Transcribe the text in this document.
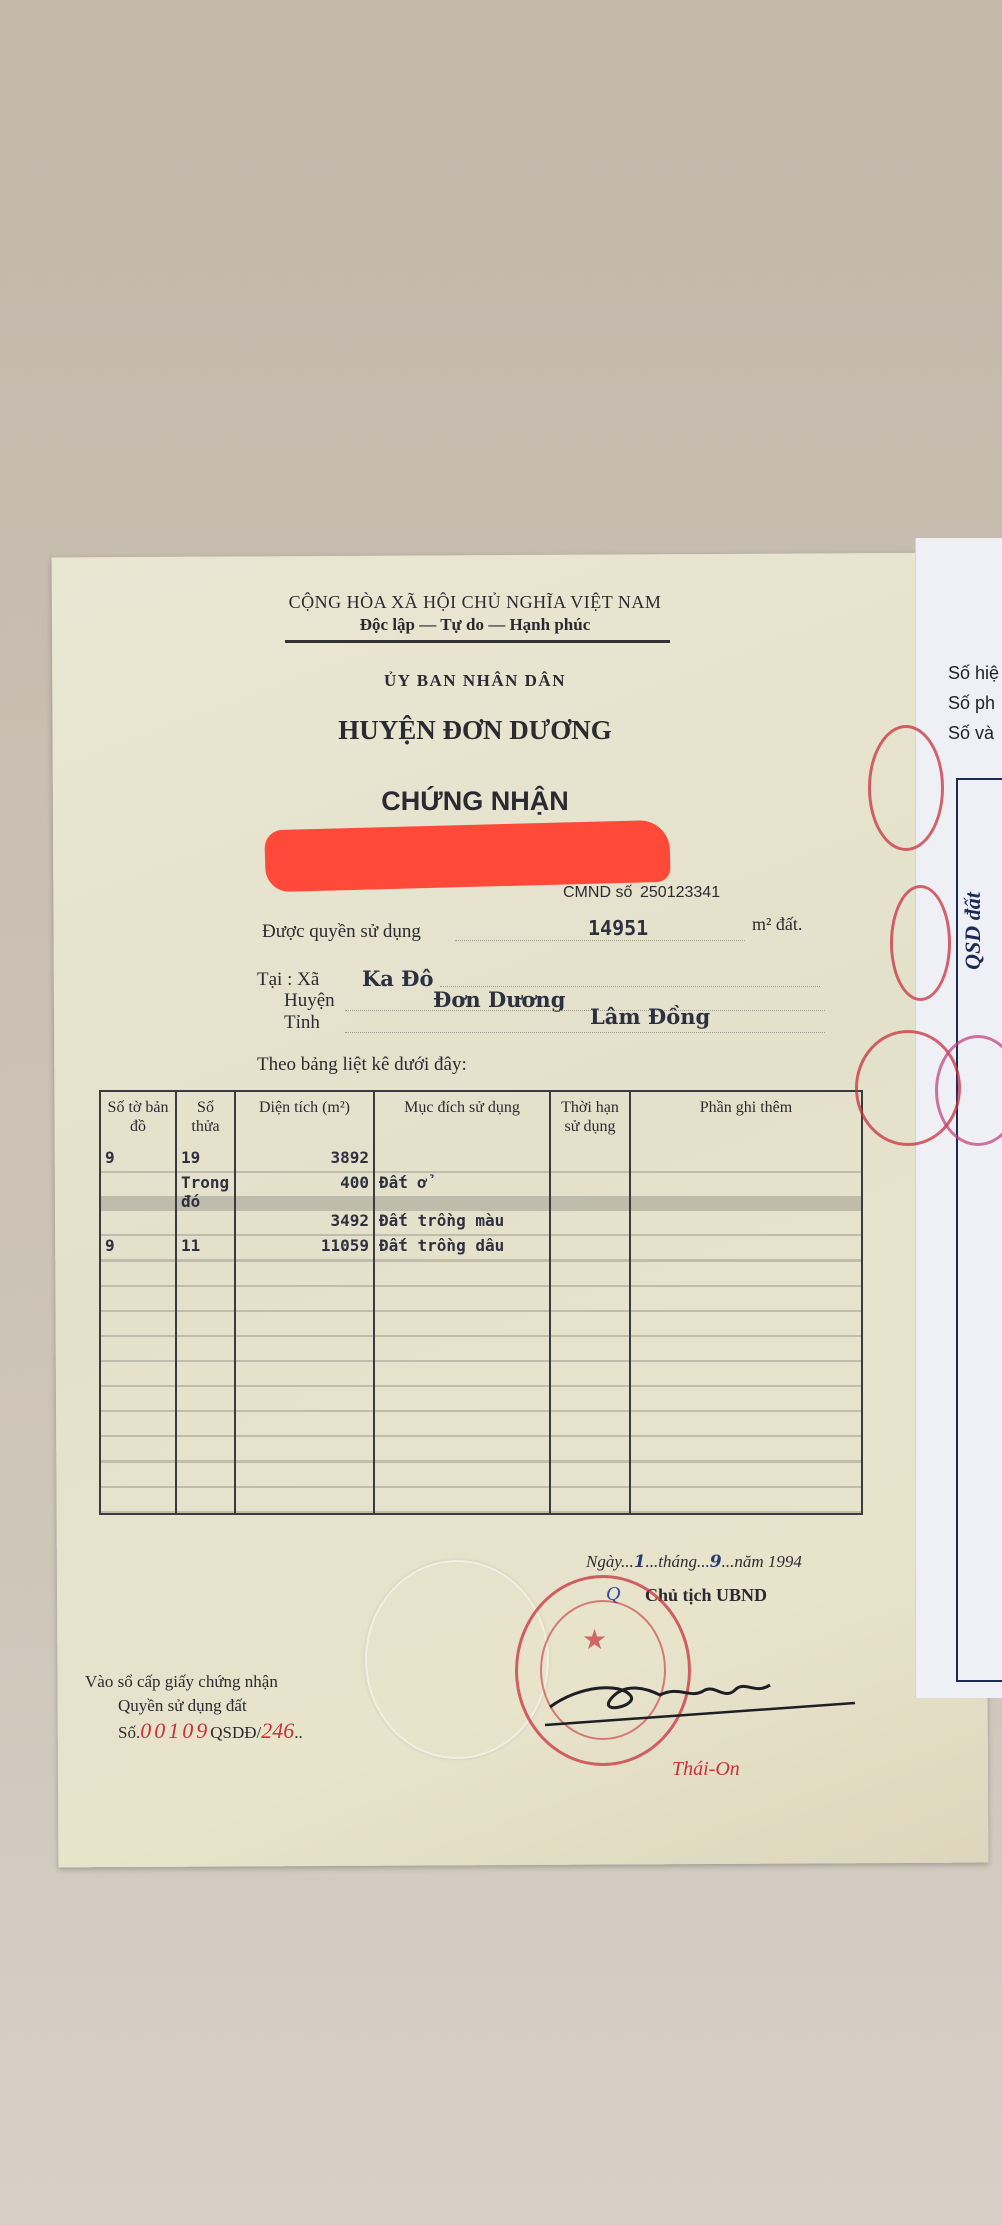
Số hiệ
Số ph
Số và
QSD đất
CỘNG HÒA XÃ HỘI CHỦ NGHĨA VIỆT NAM
Độc lập — Tự do — Hạnh phúc
ỦY BAN NHÂN DÂN
HUYỆN ĐƠN DƯƠNG
CHỨNG NHẬN
CMND số 250123341
Được quyền sử dụng	14951	m² đất.
Tại : Xã Ka Đô
Huyện	Đơn Dương
Tỉnh	Lâm Đồng
Theo bảng liệt kê dưới đây:
Số tờ bản đồ	Số thửa	Diện tích (m²)	Mục đích sử dụng	Thời hạn sử dụng	Phần ghi thêm
9	19	3892			
	Trong đó	400	Đất ở		
		3492	Đất trồng màu		
9	11	11059	Đất trồng dâu		

Ngày...1...tháng...9...năm 1994
Q Chủ tịch UBND
★
Thái-On
Vào sổ cấp giấy chứng nhận
Quyền sử dụng đất
Số.00109QSDĐ/246..
